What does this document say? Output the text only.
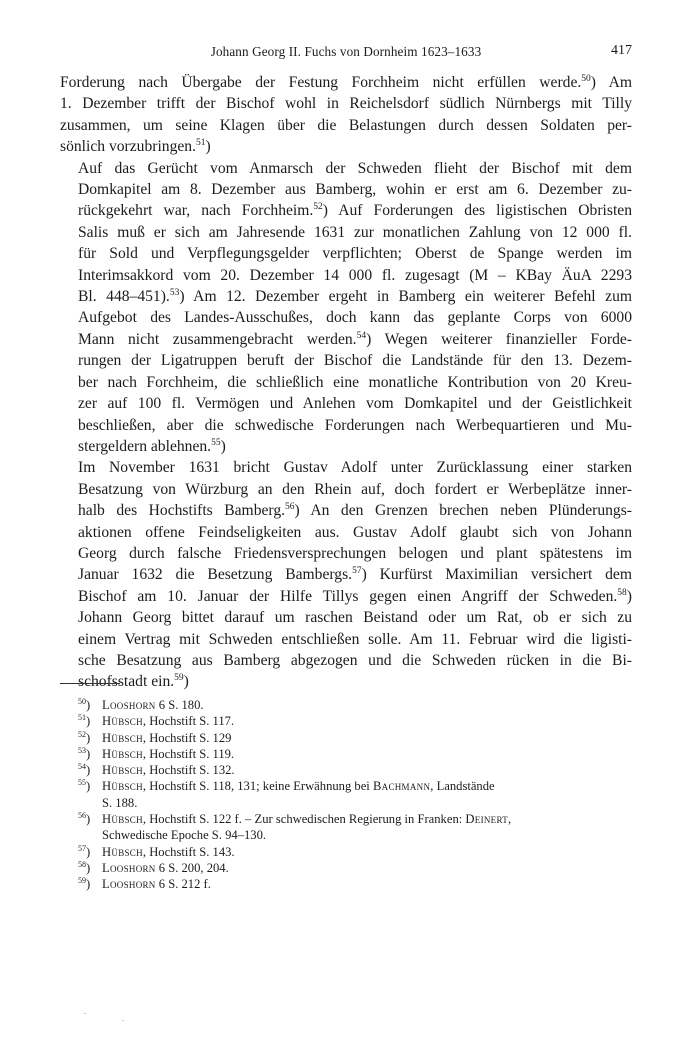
Johann Georg II. Fuchs von Dornheim 1623–1633	417

Forderung nach Übergabe der Festung Forchheim nicht erfüllen werde.$^{50}$) Am
1. Dezember trifft der Bischof wohl in Reichelsdorf südlich Nürnbergs mit Tilly
zusammen, um seine Klagen über die Belastungen durch dessen Soldaten per-
sönlich vorzubringen.$^{51}$)

Auf das Gerücht vom Anmarsch der Schweden flieht der Bischof mit dem
Domkapitel am 8. Dezember aus Bamberg, wohin er erst am 6. Dezember zu-
rückgekehrt war, nach Forchheim.$^{52}$) Auf Forderungen des ligistischen Obristen
Salis muß er sich am Jahresende 1631 zur monatlichen Zahlung von 12 000 fl.
für Sold und Verpflegungsgelder verpflichten; Oberst de Spange werden im
Interimsakkord vom 20. Dezember 14 000 fl. zugesagt (M – KBay ÄuA 2293
Bl. 448–451).$^{53}$) Am 12. Dezember ergeht in Bamberg ein weiterer Befehl zum
Aufgebot des Landes-Ausschußes, doch kann das geplante Corps von 6000
Mann nicht zusammengebracht werden.$^{54}$) Wegen weiterer finanzieller Forde-
rungen der Ligatruppen beruft der Bischof die Landstände für den 13. Dezem-
ber nach Forchheim, die schließlich eine monatliche Kontribution von 20 Kreu-
zer auf 100 fl. Vermögen und Anlehen vom Domkapitel und der Geistlichkeit
beschließen, aber die schwedische Forderungen nach Werbequartieren und Mu-
stergeldern ablehnen.$^{55}$)

Im November 1631 bricht Gustav Adolf unter Zurücklassung einer starken
Besatzung von Würzburg an den Rhein auf, doch fordert er Werbeplätze inner-
halb des Hochstifts Bamberg.$^{56}$) An den Grenzen brechen neben Plünderungs-
aktionen offene Feindseligkeiten aus. Gustav Adolf glaubt sich von Johann
Georg durch falsche Friedensversprechungen belogen und plant spätestens im
Januar 1632 die Besetzung Bambergs.$^{57}$) Kurfürst Maximilian versichert dem
Bischof am 10. Januar der Hilfe Tillys gegen einen Angriff der Schweden.$^{58}$)
Johann Georg bittet darauf um raschen Beistand oder um Rat, ob er sich zu
einem Vertrag mit Schweden entschließen solle. Am 11. Februar wird die ligisti-
sche Besatzung aus Bamberg abgezogen und die Schweden rücken in die Bi-
schofsstadt ein.$^{59}$)

$^{50}$) Looshorn 6 S. 180.
$^{51}$) Hübsch, Hochstift S. 117.
$^{52}$) Hübsch, Hochstift S. 129
$^{53}$) Hübsch, Hochstift S. 119.
$^{54}$) Hübsch, Hochstift S. 132.
$^{55}$) Hübsch, Hochstift S. 118, 131; keine Erwähnung bei Bachmann, Landstände
S. 188.
$^{56}$) Hübsch, Hochstift S. 122 f. – Zur schwedischen Regierung in Franken: Deinert,
Schwedische Epoche S. 94–130.
$^{57}$) Hübsch, Hochstift S. 143.
$^{58}$) Looshorn 6 S. 200, 204.
$^{59}$) Looshorn 6 S. 212 f.
